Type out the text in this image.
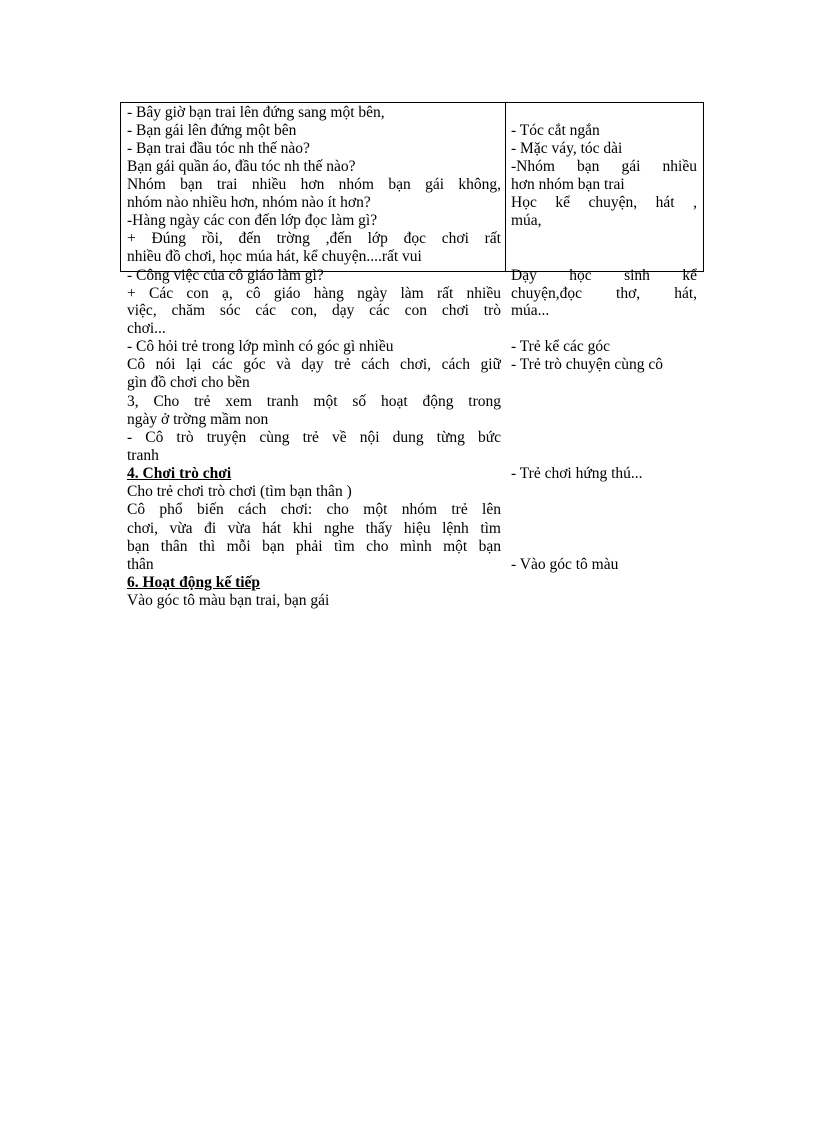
- Bây giờ bạn trai lên đứng sang một bên,
- Bạn gái lên đứng một bên
- Bạn trai đầu tóc nh thế nào?
Bạn gái quần áo, đầu tóc nh thế nào?
Nhóm bạn trai nhiều hơn nhóm bạn gái không,
nhóm nào nhiều hơn, nhóm nào ít hơn?
-Hàng ngày các con đến lớp đọc làm gì?
+ Đúng rồi, đến trờng ,đến lớp đọc chơi rất
nhiều đồ chơi, học múa hát, kể chuyện....rất vui
- Công việc của cô giáo làm gì?
+ Các con ạ, cô giáo hàng ngày làm rất nhiều
việc, chăm sóc các con, dạy các con chơi trò
chơi...
- Cô hỏi trẻ trong lớp mình có góc gì nhiều
Cô nói lại các góc và dạy trẻ cách chơi, cách giữ
gìn đồ chơi cho bền
3, Cho trẻ xem tranh một số hoạt động trong
ngày ở trờng mầm non
- Cô trò truyện cùng trẻ về nội dung từng bức
tranh
4. Chơi trò chơi
Cho trẻ chơi trò chơi (tìm bạn thân )
Cô phổ biến cách chơi: cho một nhóm trẻ lên
chơi, vừa đi vừa hát khi nghe thấy hiệu lệnh tìm
bạn thân thì mỗi bạn phải tìm cho mình một bạn
thân
6. Hoạt động kế tiếp
Vào góc tô màu bạn trai, bạn gái
- Tóc cắt ngắn
- Mặc váy, tóc dài
-Nhóm bạn gái nhiều
hơn nhóm bạn trai
Học kể chuyện, hát ,
múa,
Dạy học sinh kể
chuyện,đọc thơ, hát,
múa...
- Trẻ kể các góc
- Trẻ trò chuyện cùng cô
- Trẻ chơi hứng thú...
- Vào góc tô màu
